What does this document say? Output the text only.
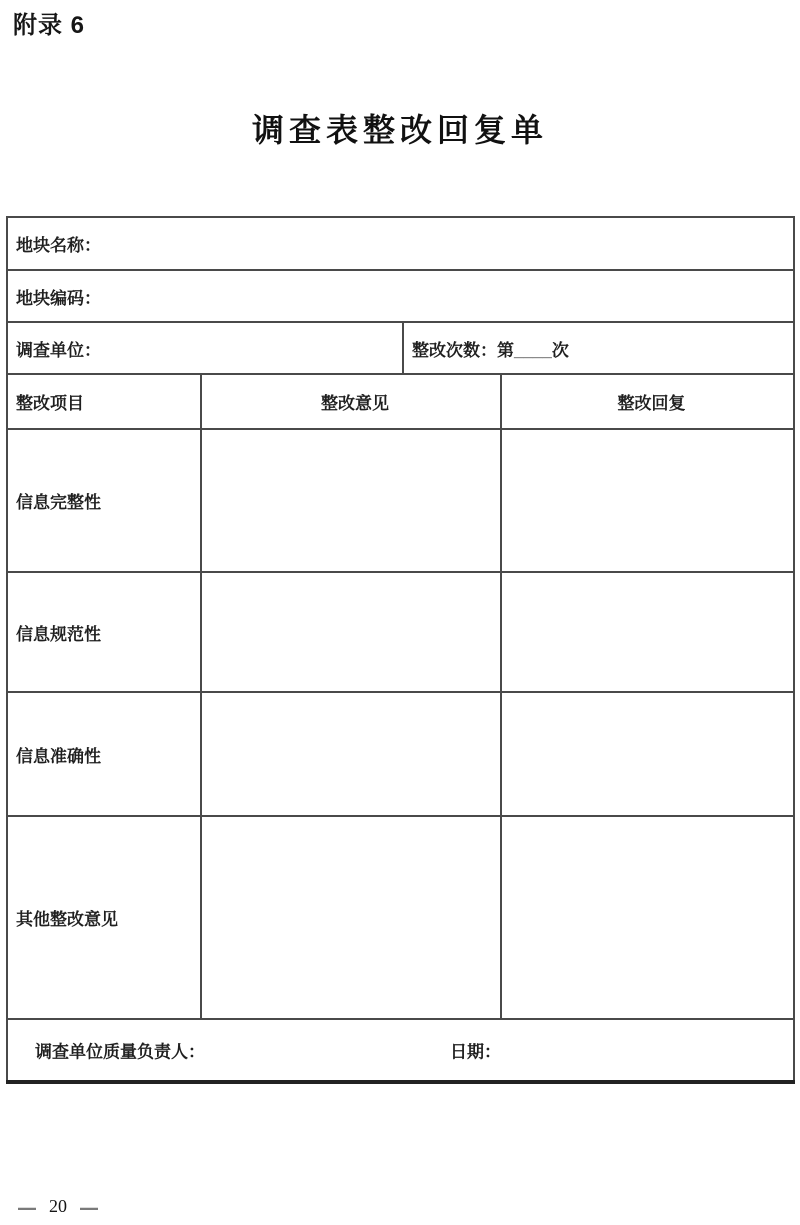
附录 6
调查表整改回复单
地块名称：			
地块编码：			
调查单位：		整改次数：第____次	
整改项目	整改意见		整改回复
信息完整性			
信息规范性			
信息准确性			
其他整改意见			

调查单位质量负责人： 日期：			
— 20 —
